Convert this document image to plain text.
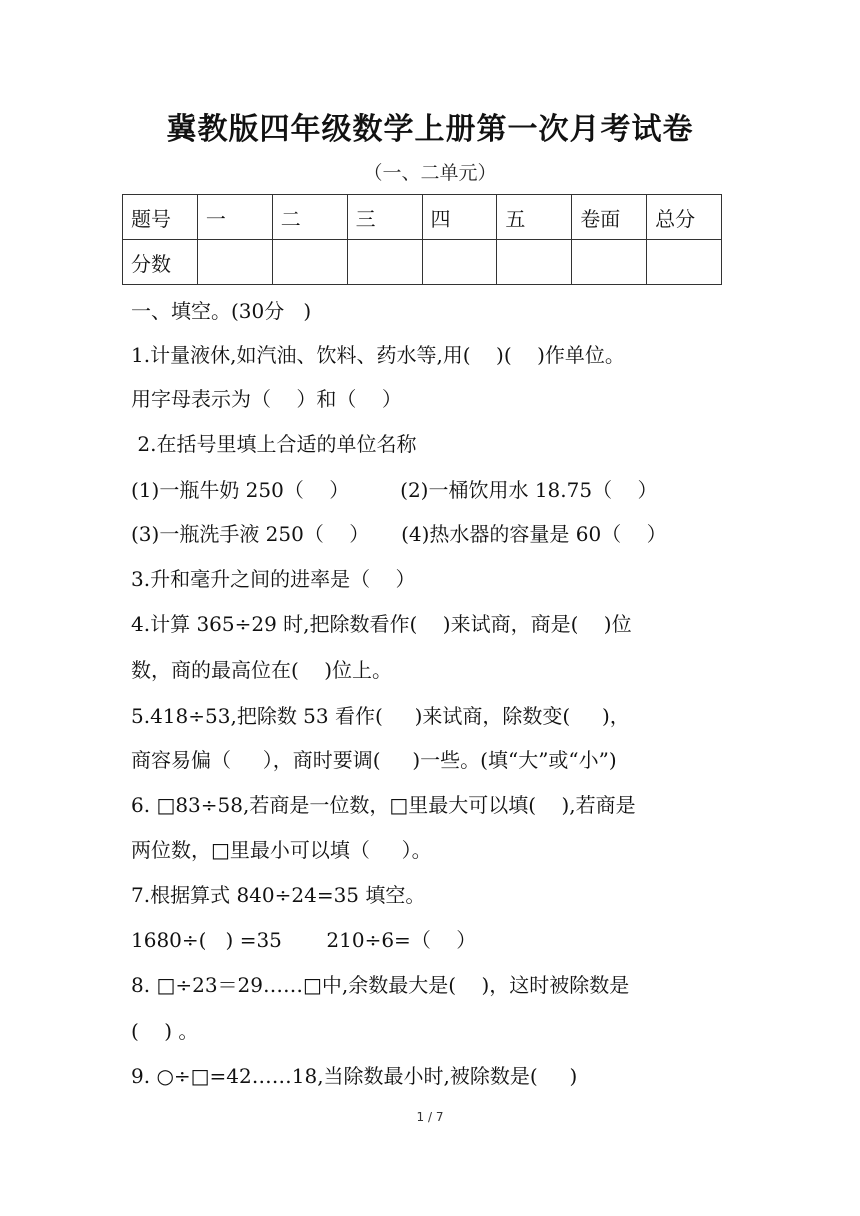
冀教版四年级数学上册第一次月考试卷
（一、二单元）
题号	一	二	三	四	五	卷面	总分
分数							
一、填空。(30分   )
1.计量液休,如汽油、饮料、药水等,用(    )(    )作单位。
用字母表示为（    ）和（    ）
2.在括号里填上合适的单位名称
(1)一瓶牛奶 250（    ）        (2)一桶饮用水 18.75（    ）
(3)一瓶洗手液 250（    ）     (4)热水器的容量是 60（    ）
3.升和毫升之间的进率是（    ）
4.计算 365÷29 时,把除数看作(    )来试商，商是(    )位
数，商的最高位在(    )位上。
5.418÷53,把除数 53 看作(     )来试商，除数变(     )，
商容易偏（     ），商时要调(     )一些。(填“大”或“小”)
6. □83÷58,若商是一位数，□里最大可以填(    ),若商是
两位数，□里最小可以填（     ）。
7.根据算式 840÷24=35 填空。
1680÷(   ) =35       210÷6=（    ）
8. □÷23＝29……□中,余数最大是(    )，这时被除数是
(    ) 。
9. ○÷□=42……18,当除数最小时,被除数是(     )
1 / 7
